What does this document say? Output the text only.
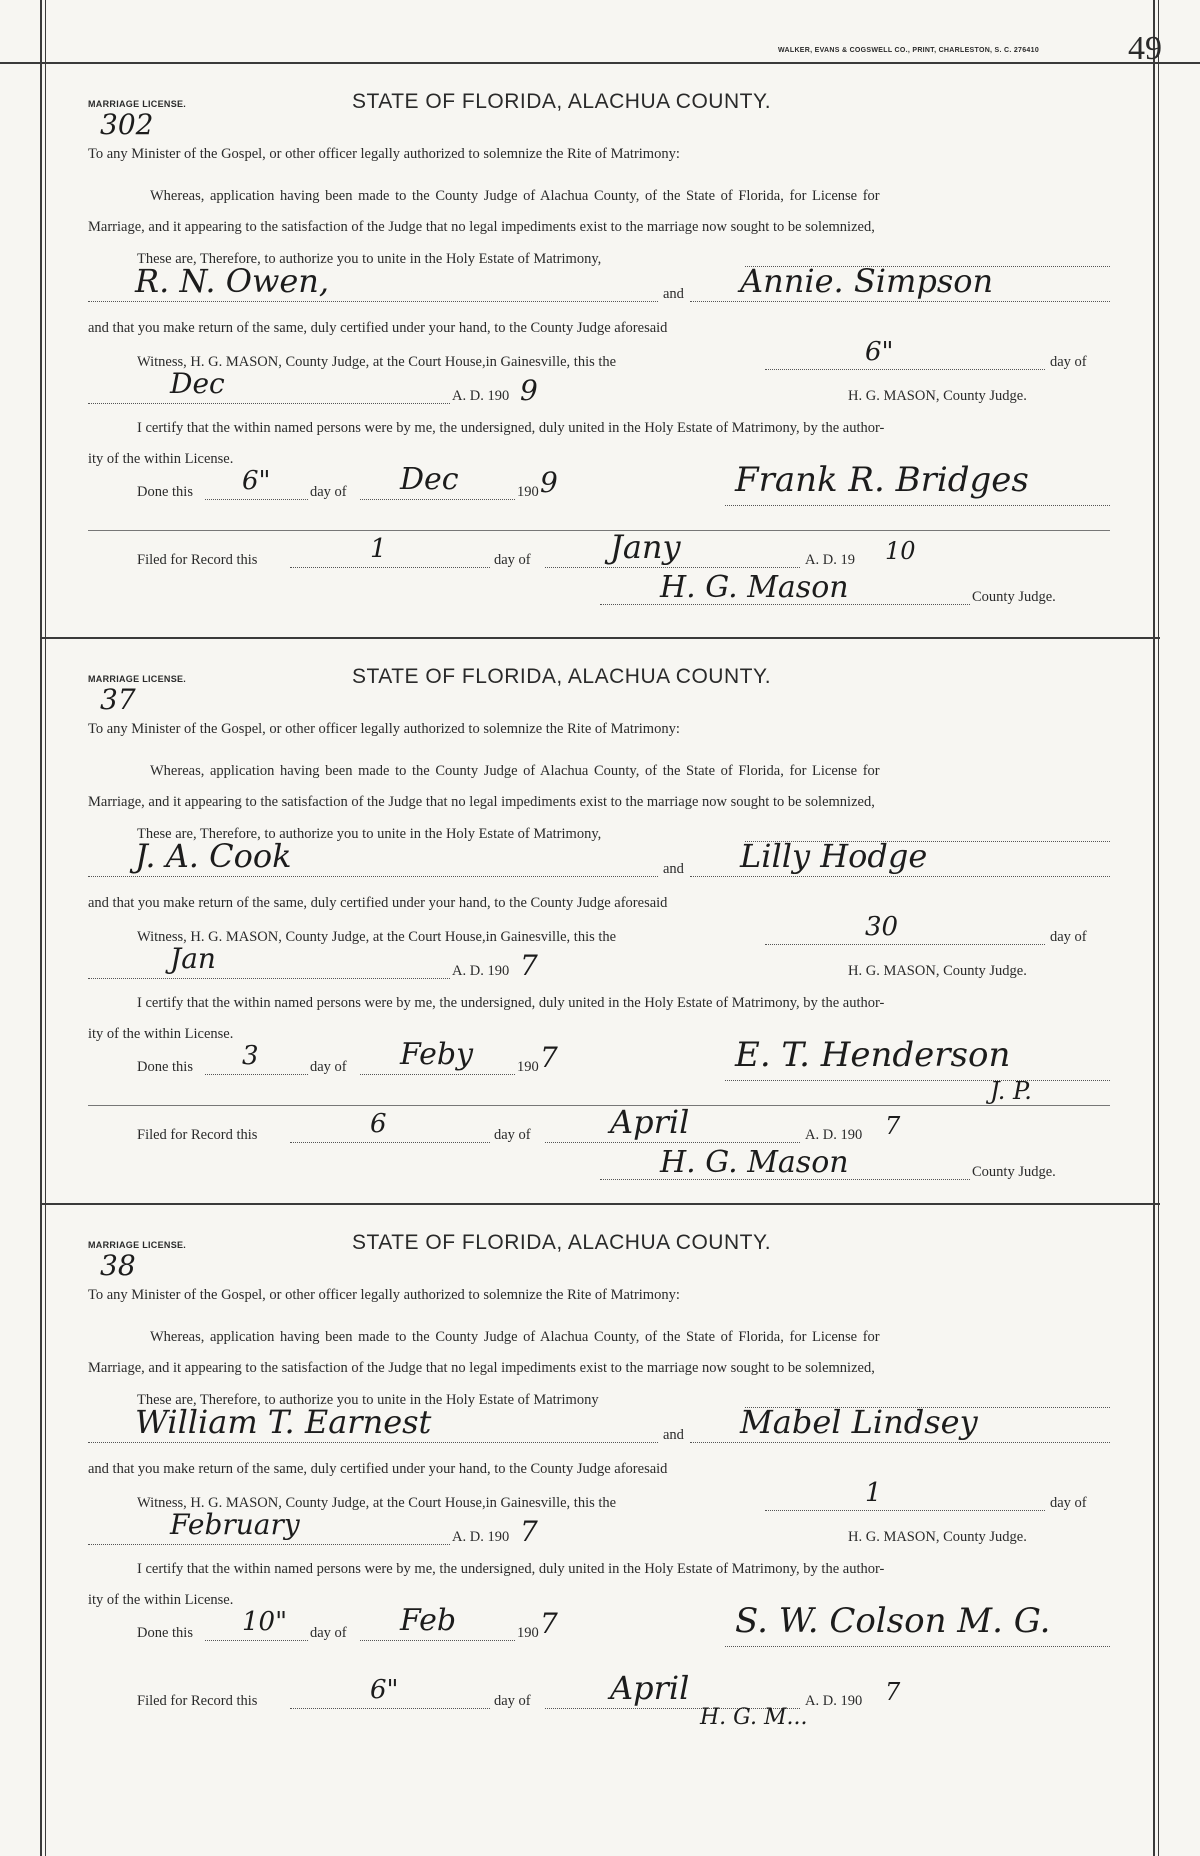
WALKER, EVANS & COGSWELL CO., PRINT, CHARLESTON, S. C. 276410	49
MARRIAGE LICENSE.
302
STATE OF FLORIDA, ALACHUA COUNTY.
To any Minister of the Gospel, or other officer legally authorized to solemnize the Rite of Matrimony:
Whereas, application having been made to the County Judge of Alachua County, of the State of Florida, for License for
Marriage, and it appearing to the satisfaction of the Judge that no legal impediments exist to the marriage now sought to be solemnized,
These are, Therefore, to authorize you to unite in the Holy Estate of Matrimony,
R. N. Owen,	and Annie. Simpson
and that you make return of the same, duly certified under your hand, to the County Judge aforesaid
Witness, H. G. MASON, County Judge, at the Court House,in Gainesville, this the	6"	day of
Dec	A. D. 190 9	H. G. MASON, County Judge.
I certify that the within named persons were by me, the undersigned, duly united in the Holy Estate of Matrimony, by the author-
ity of the within License.
Done this 6"	day of Dec	190 9	Frank R. Bridges
Filed for Record this	1	day of Jany	A. D. 19 10
H. G. Mason	County Judge.
MARRIAGE LICENSE.
37
STATE OF FLORIDA, ALACHUA COUNTY.
To any Minister of the Gospel, or other officer legally authorized to solemnize the Rite of Matrimony:
Whereas, application having been made to the County Judge of Alachua County, of the State of Florida, for License for
Marriage, and it appearing to the satisfaction of the Judge that no legal impediments exist to the marriage now sought to be solemnized,
These are, Therefore, to authorize you to unite in the Holy Estate of Matrimony,
J. A. Cook	and Lilly Hodge
and that you make return of the same, duly certified under your hand, to the County Judge aforesaid
Witness, H. G. MASON, County Judge, at the Court House,in Gainesville, this the	30	day of
Jan	A. D. 190 7	H. G. MASON, County Judge.
I certify that the within named persons were by me, the undersigned, duly united in the Holy Estate of Matrimony, by the author-
ity of the within License.
Done this 3	day of Feby	190 7	E. T. Henderson
J. P.
Filed for Record this	6	day of April	A. D. 190 7
H. G. Mason	County Judge.
MARRIAGE LICENSE.
38
STATE OF FLORIDA, ALACHUA COUNTY.
To any Minister of the Gospel, or other officer legally authorized to solemnize the Rite of Matrimony:
Whereas, application having been made to the County Judge of Alachua County, of the State of Florida, for License for
Marriage, and it appearing to the satisfaction of the Judge that no legal impediments exist to the marriage now sought to be solemnized,
These are, Therefore, to authorize you to unite in the Holy Estate of Matrimony
William T. Earnest	and Mabel Lindsey
and that you make return of the same, duly certified under your hand, to the County Judge aforesaid
Witness, H. G. MASON, County Judge, at the Court House,in Gainesville, this the	1	day of
February	A. D. 190 7	H. G. MASON, County Judge.
I certify that the within named persons were by me, the undersigned, duly united in the Holy Estate of Matrimony, by the author-
ity of the within License.
Done this 10" day of Feb	190 7	S. W. Colson M. G.
Filed for Record this	6"	day of April	A. D. 190 7
H. G. M...
